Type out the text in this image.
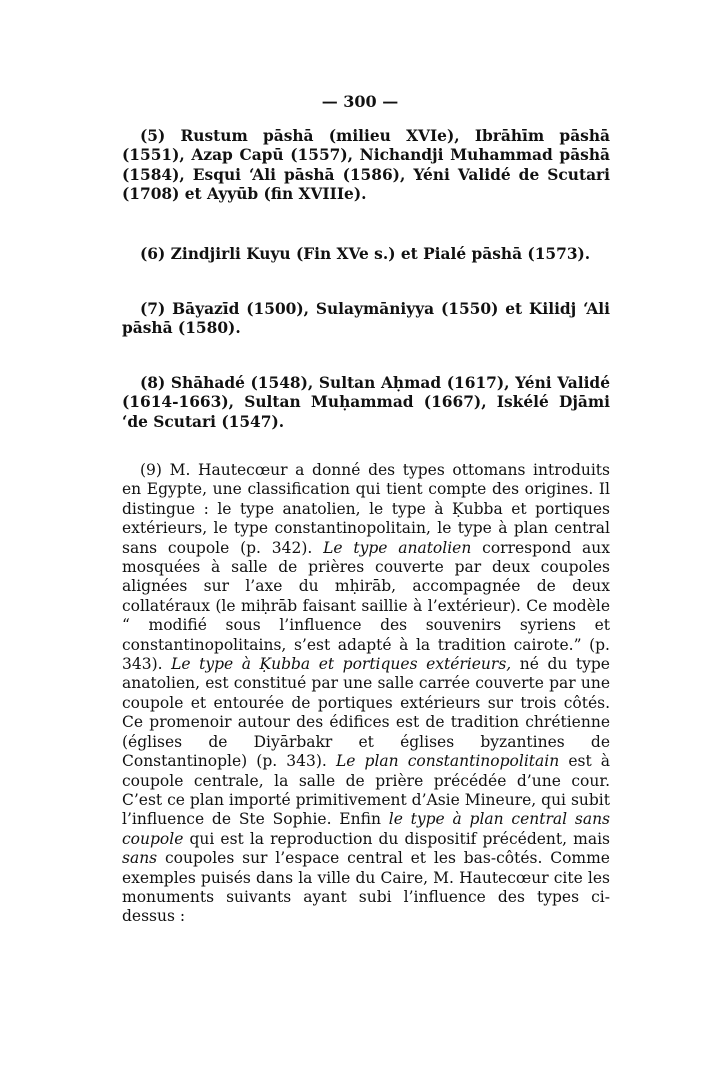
— 300 —

(5) Rustum pāshā (milieu XVIe), Ibrāhīm pāshā (1551), Azap Capū (1557), Nichandji Muhammad pāshā (1584), Esqui ‘Ali pāshā (1586), Yéni Validé de Scutari (1708) et Ayyūb (fin XVIIIe).

(6) Zindjirli Kuyu (Fin XVe s.) et Pialé pāshā (1573).

(7) Bāyazīd (1500), Sulaymāniyya (1550) et Kilidj ‘Ali pāshā (1580).

(8) Shāhadé (1548), Sultan Aḥmad (1617), Yéni Validé (1614-1663), Sultan Muḥammad (1667), Iskélé Djāmi ‘de Scutari (1547).

(9) M. Hautecœur a donné des types ottomans introduits en Egypte, une classification qui tient compte des origines. Il distingue : le type anatolien, le type à Ḳubba et portiques extérieurs, le type constantinopolitain, le type à plan central sans coupole (p. 342). Le type anatolien correspond aux mosquées à salle de prières couverte par deux coupoles alignées sur l’axe du mḥirāb, accompagnée de deux collatéraux (le miḥrāb faisant saillie à l’extérieur). Ce modèle “ modifié sous l’influence des souvenirs syriens et constantinopolitains, s’est adapté à la tradition cairote.” (p. 343). Le type à Ḳubba et portiques extérieurs, né du type anatolien, est constitué par une salle carrée couverte par une coupole et entourée de portiques extérieurs sur trois côtés. Ce promenoir autour des édifices est de tradition chrétienne (églises de Diyārbakr et églises byzantines de Constantinople) (p. 343). Le plan constantinopolitain est à coupole centrale, la salle de prière précédée d’une cour. C’est ce plan importé primitivement d’Asie Mineure, qui subit l’influence de Ste Sophie. Enfin le type à plan central sans coupole qui est la reproduction du dispositif précédent, mais sans coupoles sur l’espace central et les bas-côtés. Comme exemples puisés dans la ville du Caire, M. Hautecœur cite les monuments suivants ayant subi l’influence des types ci-dessus :
